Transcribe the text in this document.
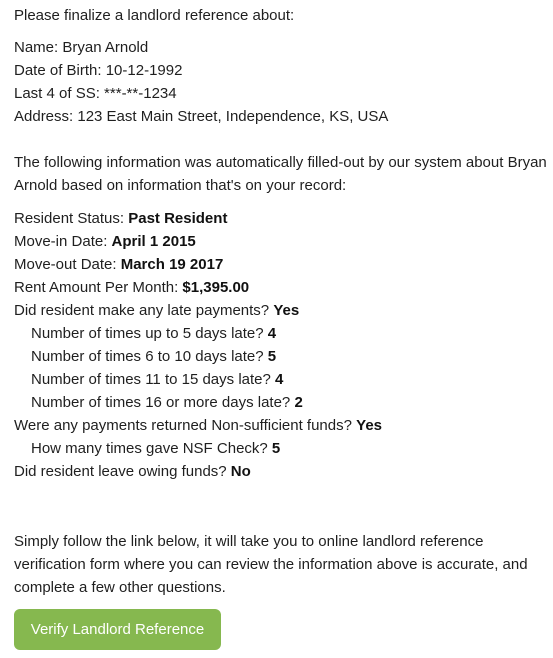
Please finalize a landlord reference about:
Name: Bryan Arnold
Date of Birth: 10-12-1992
Last 4 of SS: ***-**-1234
Address: 123 East Main Street, Independence, KS, USA
The following information was automatically filled-out by our system about Bryan Arnold based on information that's on your record:
Resident Status: Past Resident
Move-in Date: April 1 2015
Move-out Date: March 19 2017
Rent Amount Per Month: $1,395.00
Did resident make any late payments? Yes
Number of times up to 5 days late? 4
Number of times 6 to 10 days late? 5
Number of times 11 to 15 days late? 4
Number of times 16 or more days late? 2
Were any payments returned Non-sufficient funds? Yes
How many times gave NSF Check? 5
Did resident leave owing funds? No
Simply follow the link below, it will take you to online landlord reference verification form where you can review the information above is accurate, and complete a few other questions.
Verify Landlord Reference
